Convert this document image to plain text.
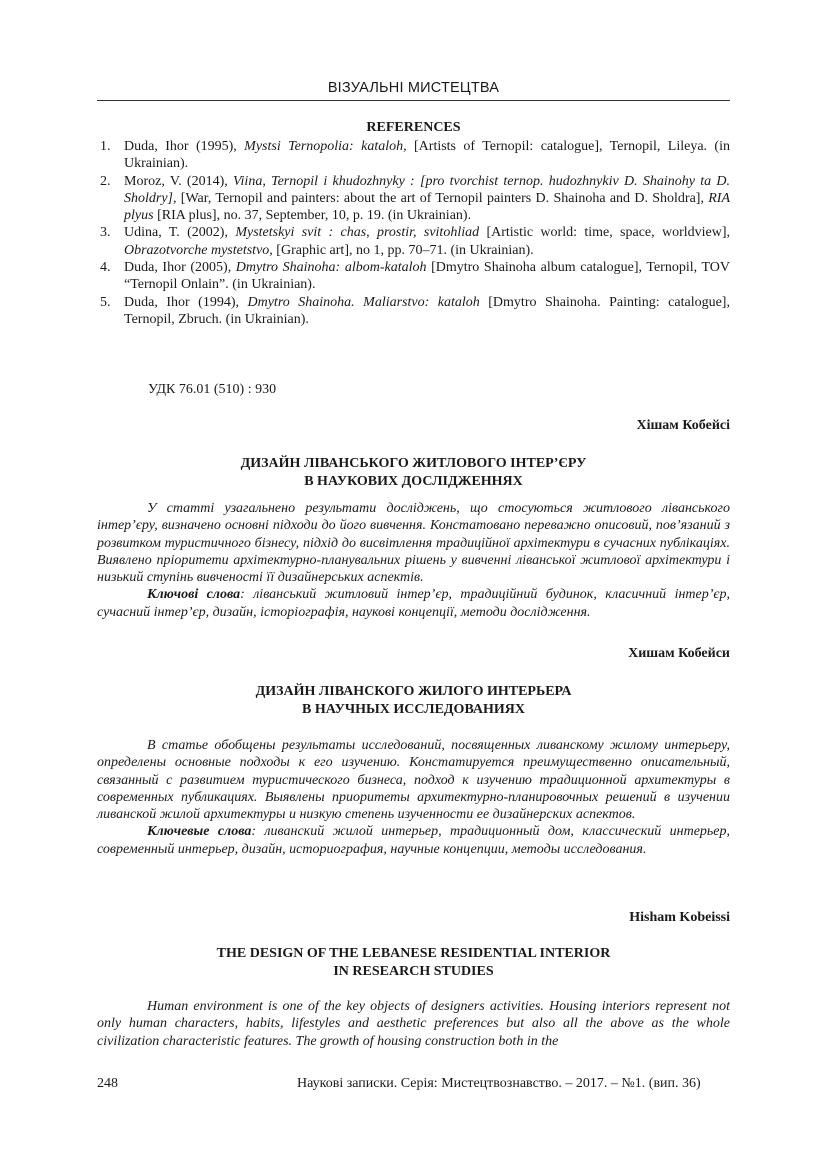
ВІЗУАЛЬНІ МИСТЕЦТВА
REFERENCES
1. Duda, Ihor (1995), Mystsi Ternopolia: kataloh, [Artists of Ternopil: catalogue], Ternopil, Lileya. (in Ukrainian).
2. Moroz, V. (2014), Viina, Ternopil i khudozhnyky : [pro tvorchist ternop. hudozhnykiv D. Shainohy ta D. Sholdry], [War, Ternopil and painters: about the art of Ternopil painters D. Shainoha and D. Sholdra], RIA plyus [RIA plus], no. 37, September, 10, p. 19. (in Ukrainian).
3. Udina, T. (2002), Mystetskyi svit : chas, prostir, svitohliad [Artistic world: time, space, worldview], Obrazotvorche mystetstvo, [Graphic art], no 1, pp. 70–71. (in Ukrainian).
4. Duda, Ihor (2005), Dmytro Shainoha: albom-kataloh [Dmytro Shainoha album catalogue], Ternopil, TOV “Ternopil Onlain”. (in Ukrainian).
5. Duda, Ihor (1994), Dmytro Shainoha. Maliarstvo: kataloh [Dmytro Shainoha. Painting: catalogue], Ternopil, Zbruch. (in Ukrainian).
УДК 76.01 (510) : 930
Хішам Кобейсі
ДИЗАЙН ЛІВАНСЬКОГО ЖИТЛОВОГО ІНТЕР’ЄРУ
В НАУКОВИХ ДОСЛІДЖЕННЯХ

У статті узагальнено результати досліджень, що стосуються житлового ліванського інтер’єру, визначено основні підходи до його вивчення. Констатовано переважно описовий, пов’язаний з розвитком туристичного бізнесу, підхід до висвітлення традиційної архітектури в сучасних публікаціях. Виявлено пріоритети архітектурно-планувальних рішень у вивченні ліванської житлової архітектури і низький ступінь вивченості її дизайнерських аспектів.

Ключові слова: ліванський житловий інтер’єр, традиційний будинок, класичний інтер’єр, сучасний інтер’єр, дизайн, історіографія, наукові концепції, методи дослідження.

Хишам Кобейси
ДИЗАЙН ЛІВАНСКОГО ЖИЛОГО ИНТЕРЬЕРА
В НАУЧНЫХ ИССЛЕДОВАНИЯХ

В статье обобщены результаты исследований, посвященных ливанскому жилому интерьеру, определены основные подходы к его изучению. Констатируется преимущественно описательный, связанный с развитием туристического бизнеса, подход к изучению традиционной архитектуры в современных публикациях. Выявлены приоритеты архитектурно-планировочных решений в изучении ливанской жилой архитектуры и низкую степень изученности ее дизайнерских аспектов.

Ключевые слова: ливанский жилой интерьер, традиционный дом, классический интерьер, современный интерьер, дизайн, историография, научные концепции, методы исследования.

Hisham Kobeissi
THE DESIGN OF THE LEBANESE RESIDENTIAL INTERIOR
IN RESEARCH STUDIES

Human environment is one of the key objects of designers activities. Housing interiors represent not only human characters, habits, lifestyles and aesthetic preferences but also all the above as the whole civilization characteristic features. The growth of housing construction both in the

248	Наукові записки. Серія: Мистецтвознавство. – 2017. – №1. (вип. 36)
